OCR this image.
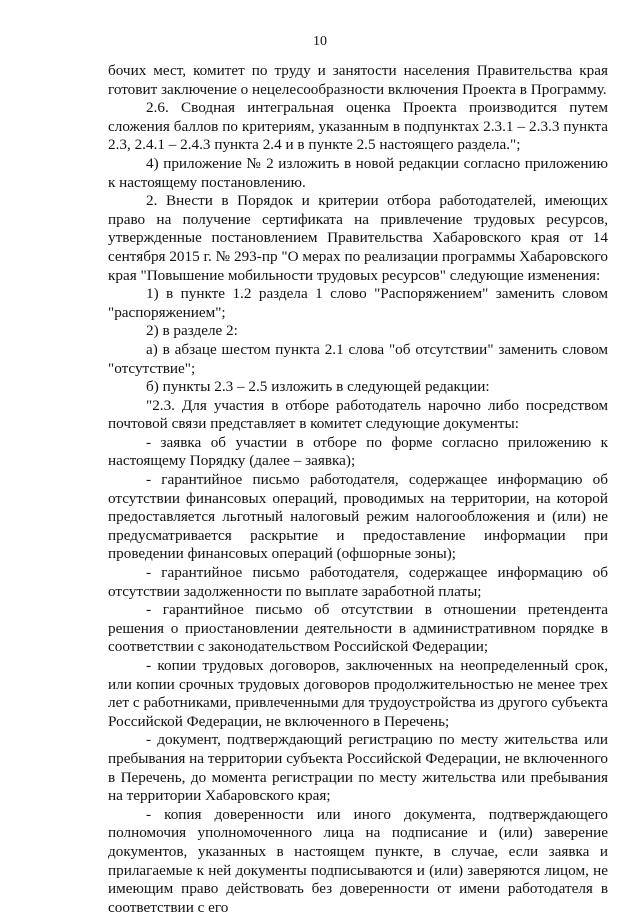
10

бочих мест, комитет по труду и занятости населения Правительства края готовит заключение о нецелесообразности включения Проекта в Программу.

2.6. Сводная интегральная оценка Проекта производится путем сложения баллов по критериям, указанным в подпунктах 2.3.1 – 2.3.3 пункта 2.3, 2.4.1 – 2.4.3 пункта 2.4 и в пункте 2.5 настоящего раздела.";

4) приложение № 2 изложить в новой редакции согласно приложению к настоящему постановлению.

2. Внести в Порядок и критерии отбора работодателей, имеющих право на получение сертификата на привлечение трудовых ресурсов, утвержденные постановлением Правительства Хабаровского края от 14 сентября 2015 г. № 293-пр "О мерах по реализации программы Хабаровского края "Повышение мобильности трудовых ресурсов" следующие изменения:

1) в пункте 1.2 раздела 1 слово "Распоряжением" заменить словом "распоряжением";

2) в разделе 2:

а) в абзаце шестом пункта 2.1 слова "об отсутствии" заменить словом "отсутствие";

б) пункты 2.3 – 2.5 изложить в следующей редакции:

"2.3. Для участия в отборе работодатель нарочно либо посредством почтовой связи представляет в комитет следующие документы:

- заявка об участии в отборе по форме согласно приложению к настоящему Порядку (далее – заявка);

- гарантийное письмо работодателя, содержащее информацию об отсутствии финансовых операций, проводимых на территории, на которой предоставляется льготный налоговый режим налогообложения и (или) не предусматривается раскрытие и предоставление информации при проведении финансовых операций (офшорные зоны);

- гарантийное письмо работодателя, содержащее информацию об отсутствии задолженности по выплате заработной платы;

- гарантийное письмо об отсутствии в отношении претендента решения о приостановлении деятельности в административном порядке в соответствии с законодательством Российской Федерации;

- копии трудовых договоров, заключенных на неопределенный срок, или копии срочных трудовых договоров продолжительностью не менее трех лет с работниками, привлеченными для трудоустройства из другого субъекта Российской Федерации, не включенного в Перечень;

- документ, подтверждающий регистрацию по месту жительства или пребывания на территории субъекта Российской Федерации, не включенного в Перечень, до момента регистрации по месту жительства или пребывания на территории Хабаровского края;

- копия доверенности или иного документа, подтверждающего полномочия уполномоченного лица на подписание и (или) заверение документов, указанных в настоящем пункте, в случае, если заявка и прилагаемые к ней документы подписываются и (или) заверяются лицом, не имеющим право действовать без доверенности от имени работодателя в соответствии с его
